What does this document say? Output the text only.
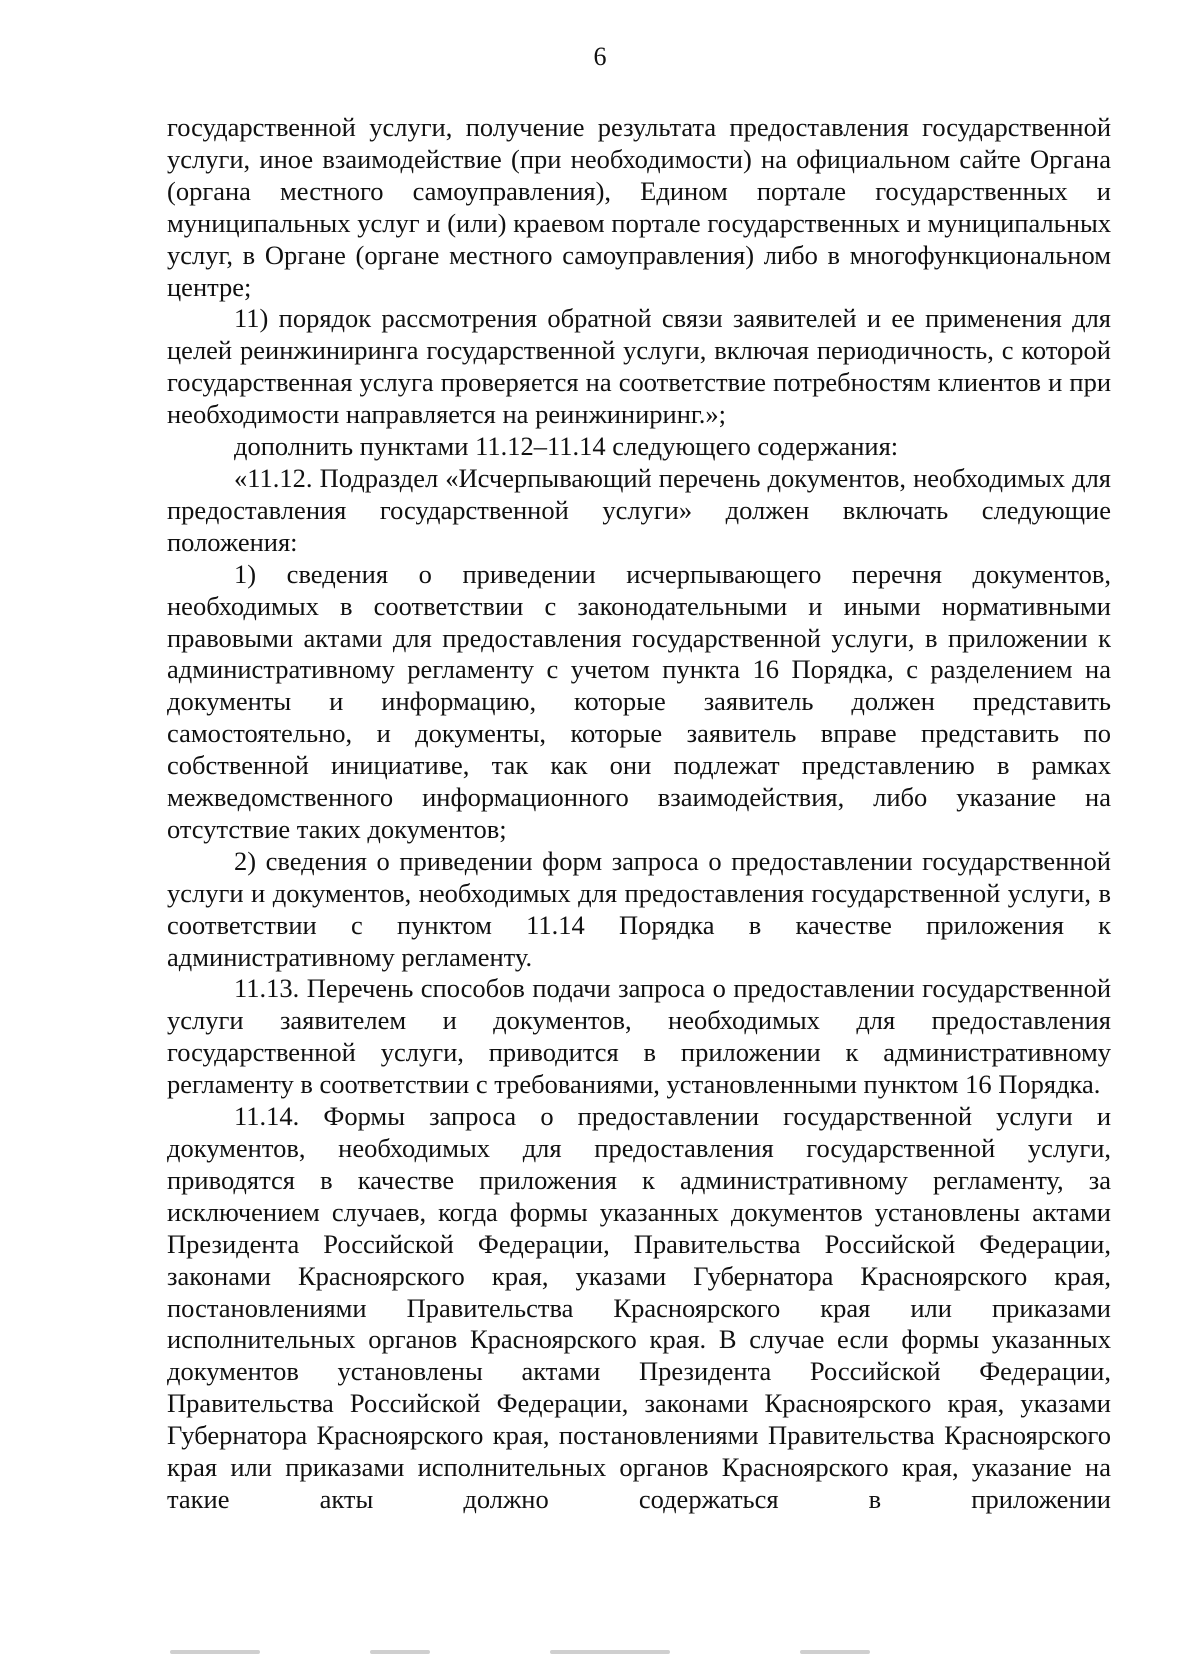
6

государственной услуги, получение результата предоставления государственной услуги, иное взаимодействие (при необходимости) на официальном сайте Органа (органа местного самоуправления), Едином портале государственных и муниципальных услуг и (или) краевом портале государственных и муниципальных услуг, в Органе (органе местного самоуправления) либо в многофункциональном центре;

11) порядок рассмотрения обратной связи заявителей и ее применения для целей реинжиниринга государственной услуги, включая периодичность, с которой государственная услуга проверяется на соответствие потребностям клиентов и при необходимости направляется на реинжиниринг.»;

дополнить пунктами 11.12–11.14 следующего содержания:

«11.12. Подраздел «Исчерпывающий перечень документов, необходимых для предоставления государственной услуги» должен включать следующие положения:

1) сведения о приведении исчерпывающего перечня документов, необходимых в соответствии с законодательными и иными нормативными правовыми актами для предоставления государственной услуги, в приложении к административному регламенту с учетом пункта 16 Порядка, с разделением на документы и информацию, которые заявитель должен представить самостоятельно, и документы, которые заявитель вправе представить по собственной инициативе, так как они подлежат представлению в рамках межведомственного информационного взаимодействия, либо указание на отсутствие таких документов;

2) сведения о приведении форм запроса о предоставлении государственной услуги и документов, необходимых для предоставления государственной услуги, в соответствии с пунктом 11.14 Порядка в качестве приложения к административному регламенту.

11.13. Перечень способов подачи запроса о предоставлении государственной услуги заявителем и документов, необходимых для предоставления государственной услуги, приводится в приложении к административному регламенту в соответствии с требованиями, установленными пунктом 16 Порядка.

11.14. Формы запроса о предоставлении государственной услуги и документов, необходимых для предоставления государственной услуги, приводятся в качестве приложения к административному регламенту, за исключением случаев, когда формы указанных документов установлены актами Президента Российской Федерации, Правительства Российской Федерации, законами Красноярского края, указами Губернатора Красноярского края, постановлениями Правительства Красноярского края или приказами исполнительных органов Красноярского края. В случае если формы указанных документов установлены актами Президента Российской Федерации, Правительства Российской Федерации, законами Красноярского края, указами Губернатора Красноярского края, постановлениями Правительства Красноярского края или приказами исполнительных органов Красноярского края, указание на такие акты должно содержаться в приложении
